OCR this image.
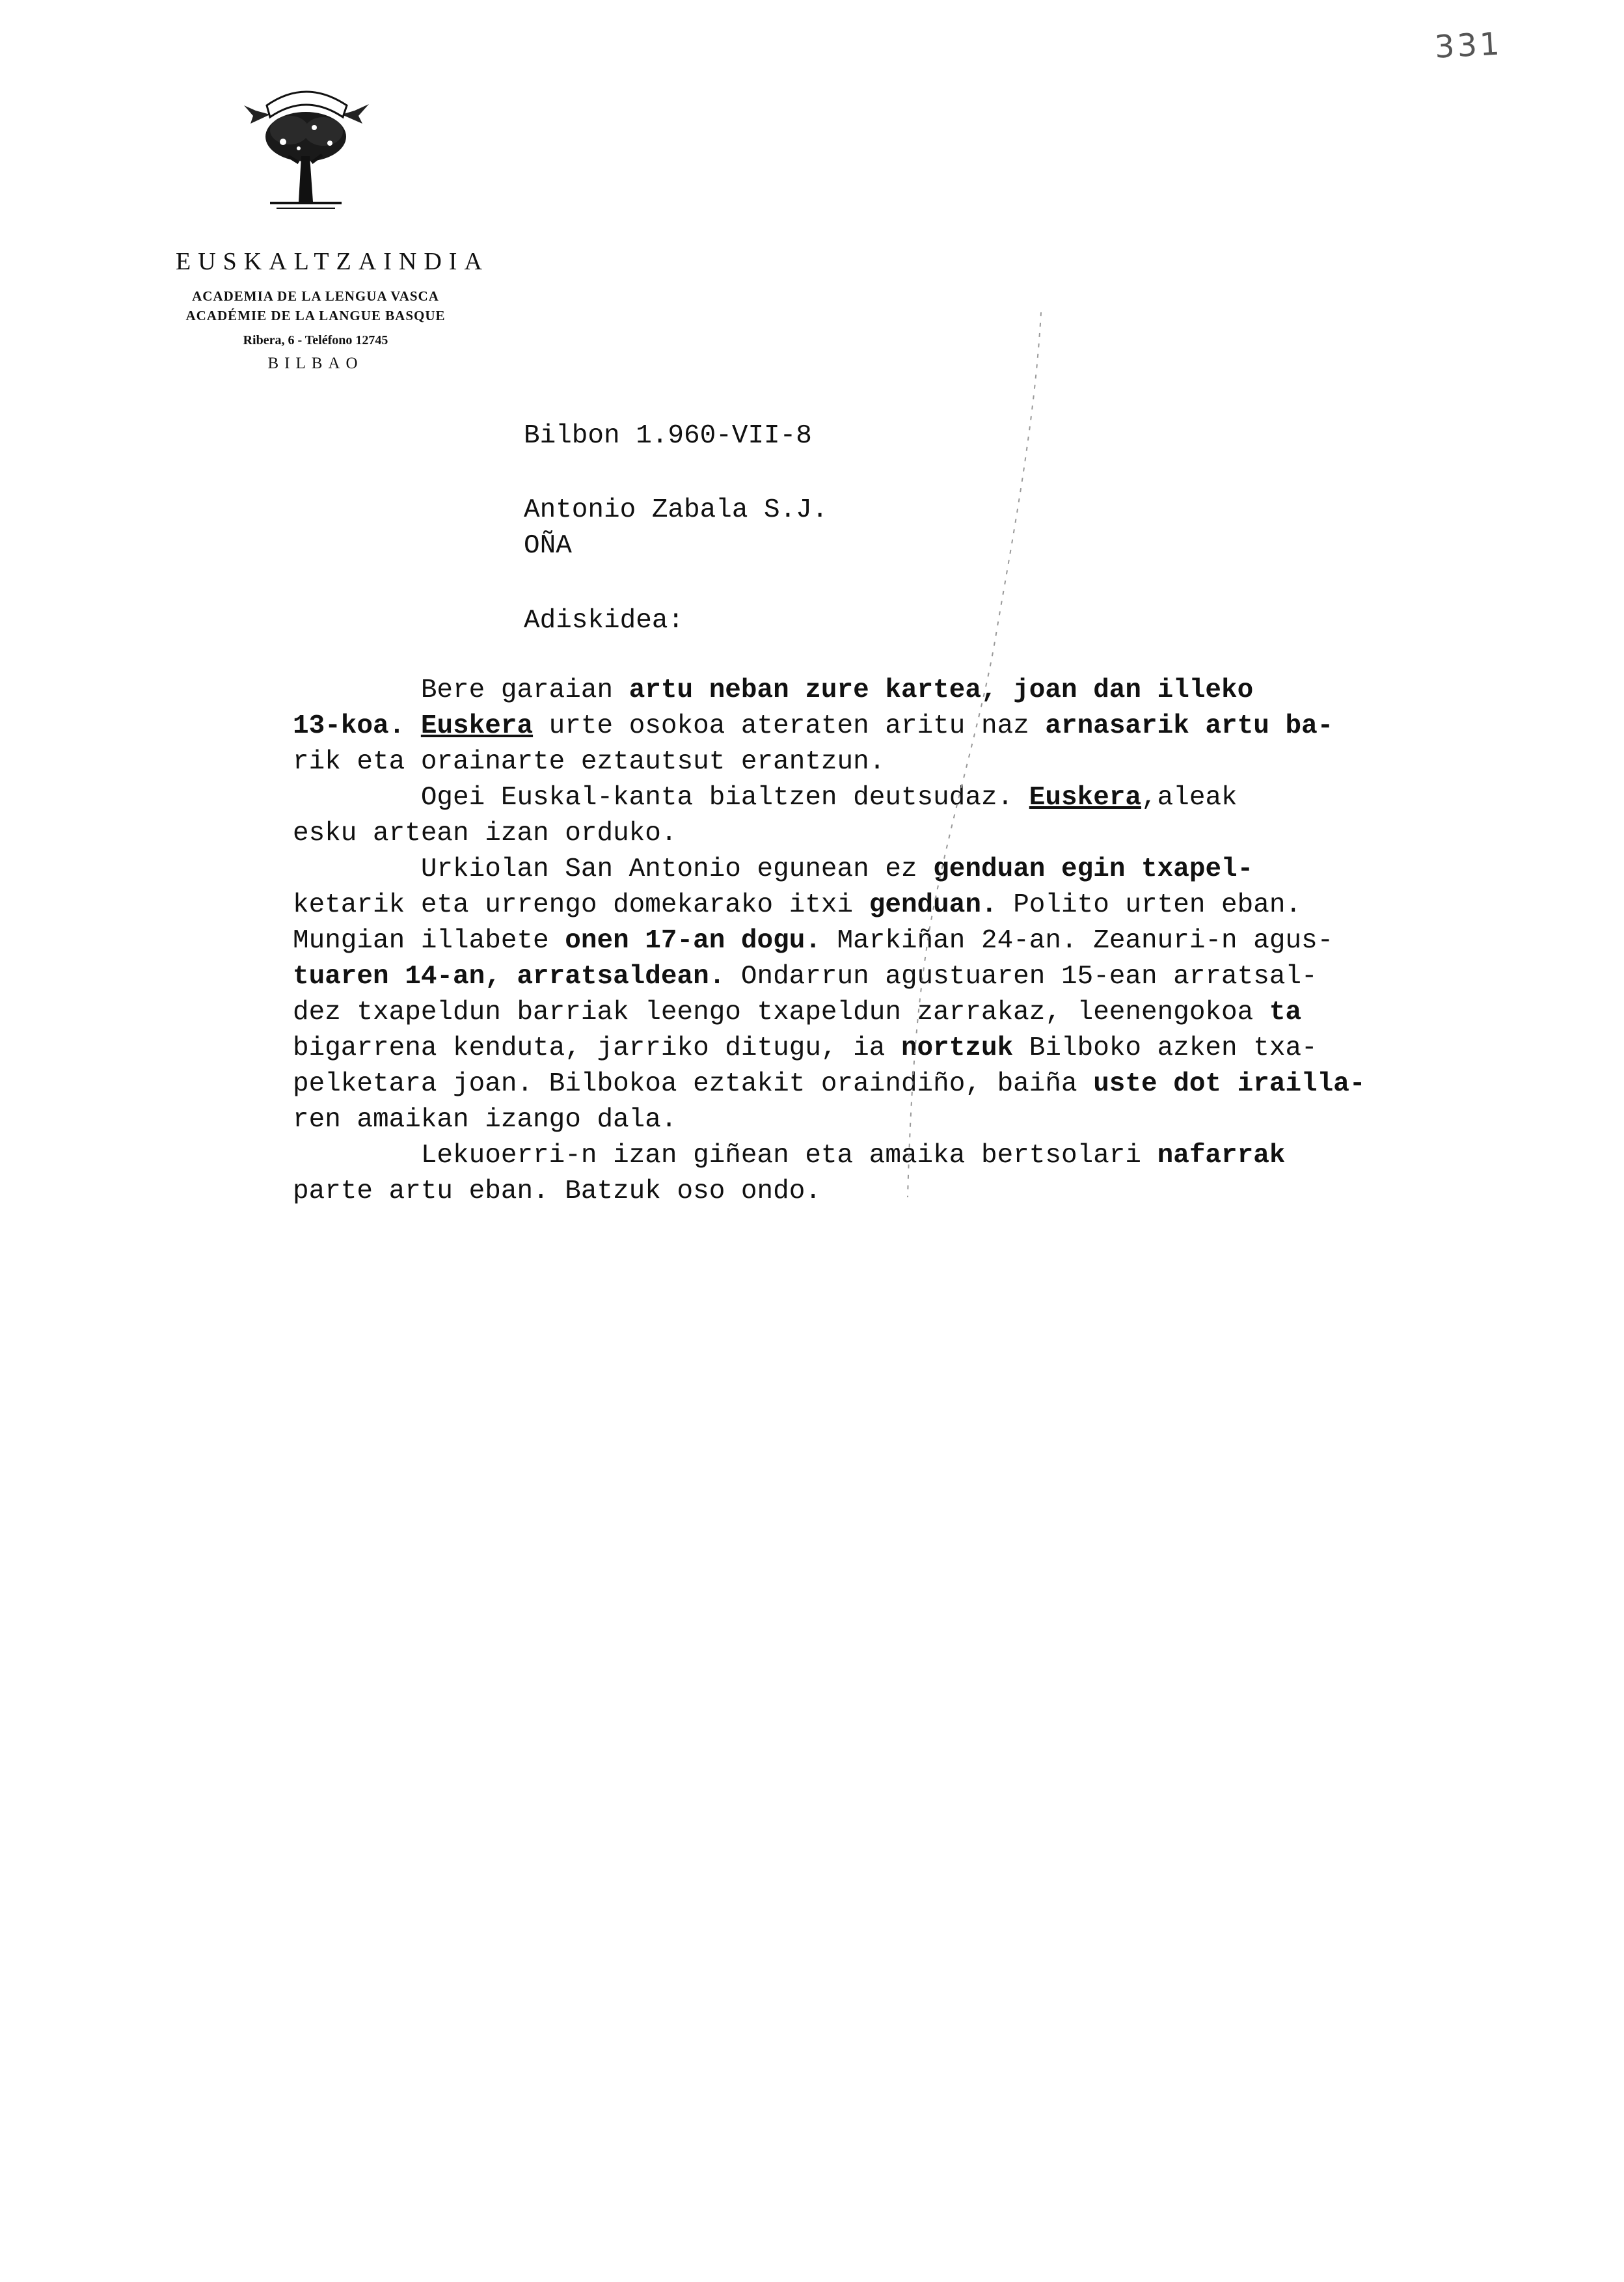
331
EUSKALTZAINDIA
ACADEMIA DE LA LENGUA VASCA
ACADÉMIE DE LA LANGUE BASQUE
Ribera, 6 - Teléfono 12745
BILBAO
Bilbon 1.960-VII-8
Antonio Zabala S.J.
OÑA
Adiskidea:
Bere garaian artu neban zure kartea, joan dan illeko
13-koa. Euskera urte osokoa ateraten aritu naz arnasarik artu ba-
rik eta orainarte eztautsut erantzun.
Ogei Euskal-kanta bialtzen deutsudaz. Euskera,aleak
esku artean izan orduko.
Urkiolan San Antonio egunean ez genduan egin txapel-
ketarik eta urrengo domekarako itxi genduan. Polito urten eban.
Mungian illabete onen 17-an dogu. Markiñan 24-an. Zeanuri-n agus-
tuaren 14-an, arratsaldean. Ondarrun agustuaren 15-ean arratsal-
dez txapeldun barriak leengo txapeldun zarrakaz, leenengokoa ta
bigarrena kenduta, jarriko ditugu, ia nortzuk Bilboko azken txa-
pelketara joan. Bilbokoa eztakit oraindiño, baiña uste dot irailla-
ren amaikan izango dala.
Lekuoerri-n izan giñean eta amaika bertsolari nafarrak
parte artu eban. Batzuk oso ondo.
